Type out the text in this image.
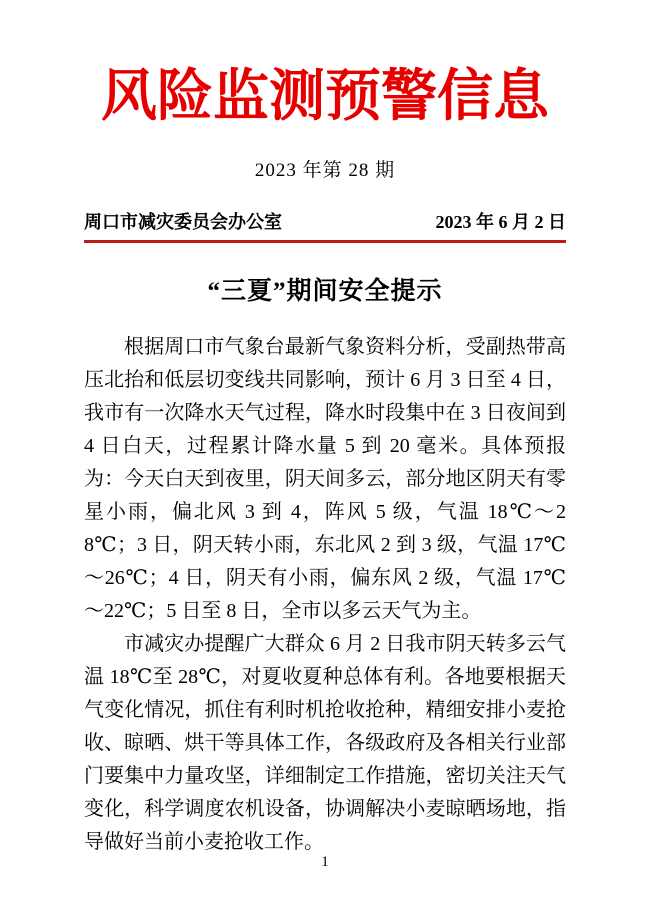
风险监测预警信息
2023 年第 28 期
周口市减灾委员会办公室	2023 年 6 月 2 日
“三夏”期间安全提示

根据周口市气象台最新气象资料分析，受副热带高压北抬和低层切变线共同影响，预计 6 月 3 日至 4 日，我市有一次降水天气过程，降水时段集中在 3 日夜间到 4 日白天，过程累计降水量 5 到 20 毫米。具体预报为：今天白天到夜里，阴天间多云，部分地区阴天有零星小雨，偏北风 3 到 4，阵风 5 级，气温 18℃～28℃；3 日，阴天转小雨，东北风 2 到 3 级，气温 17℃～26℃；4 日，阴天有小雨，偏东风 2 级，气温 17℃～22℃；5 日至 8 日，全市以多云天气为主。

市减灾办提醒广大群众 6 月 2 日我市阴天转多云气温 18℃至 28℃，对夏收夏种总体有利。各地要根据天气变化情况，抓住有利时机抢收抢种，精细安排小麦抢收、晾晒、烘干等具体工作，各级政府及各相关行业部门要集中力量攻坚，详细制定工作措施，密切关注天气变化，科学调度农机设备，协调解决小麦晾晒场地，指导做好当前小麦抢收工作。

1
